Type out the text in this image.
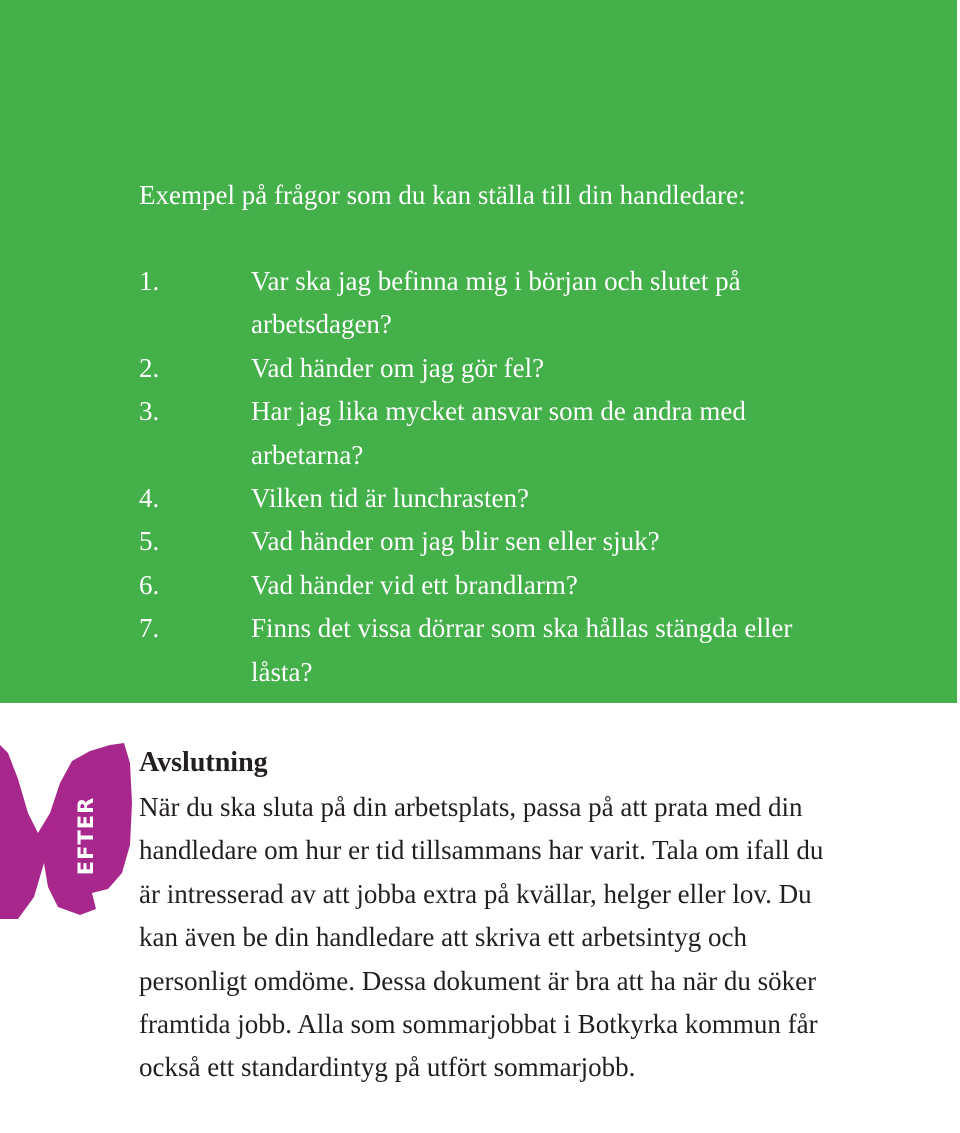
Exempel på frågor som du kan ställa till din handledare:
1.	Var ska jag befinna mig i början och slutet på arbetsdagen?
2.	Vad händer om jag gör fel?
3.	Har jag lika mycket ansvar som de andra med arbetarna?
4.	Vilken tid är lunchrasten?
5.	Vad händer om jag blir sen eller sjuk?
6.	Vad händer vid ett brandlarm?
7.	Finns det vissa dörrar som ska hållas stängda eller låsta?
EFTER
Avslutning

När du ska sluta på din arbetsplats, passa på att prata med din handledare om hur er tid tillsammans har varit. Tala om ifall du är intresserad av att jobba extra på kvällar, helger eller lov. Du kan även be din handledare att skriva ett arbetsintyg och personligt omdöme. Dessa dokument är bra att ha när du söker framtida jobb. Alla som sommarjobbat i Botkyrka kommun får också ett standardintyg på utfört sommarjobb.
